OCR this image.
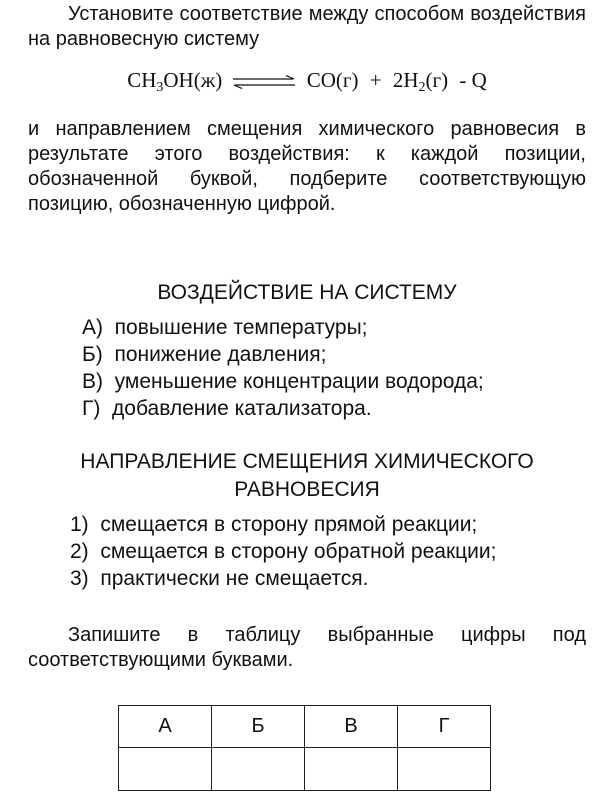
Установите соответствие между способом воздействия на равновесную систему

$CH_3OH(ж)$ ⇌ $CO(г) + 2H_2(г) - Q$

и направлением смещения химического равновесия в результате этого воздействия: к каждой позиции, обозначенной буквой, подберите соответствующую позицию, обозначенную цифрой.

ВОЗДЕЙСТВИЕ НА СИСТЕМУ

А) повышение температуры;
Б) понижение давления;
В) уменьшение концентрации водорода;
Г) добавление катализатора.
НАПРАВЛЕНИЕ СМЕЩЕНИЯ ХИМИЧЕСКОГО
РАВНОВЕСИЯ
1) смещается в сторону прямой реакции;
2) смещается в сторону обратной реакции;
3) практически не смещается.

Запишите в таблицу выбранные цифры под соответствующими буквами.

А	Б	В	Г
